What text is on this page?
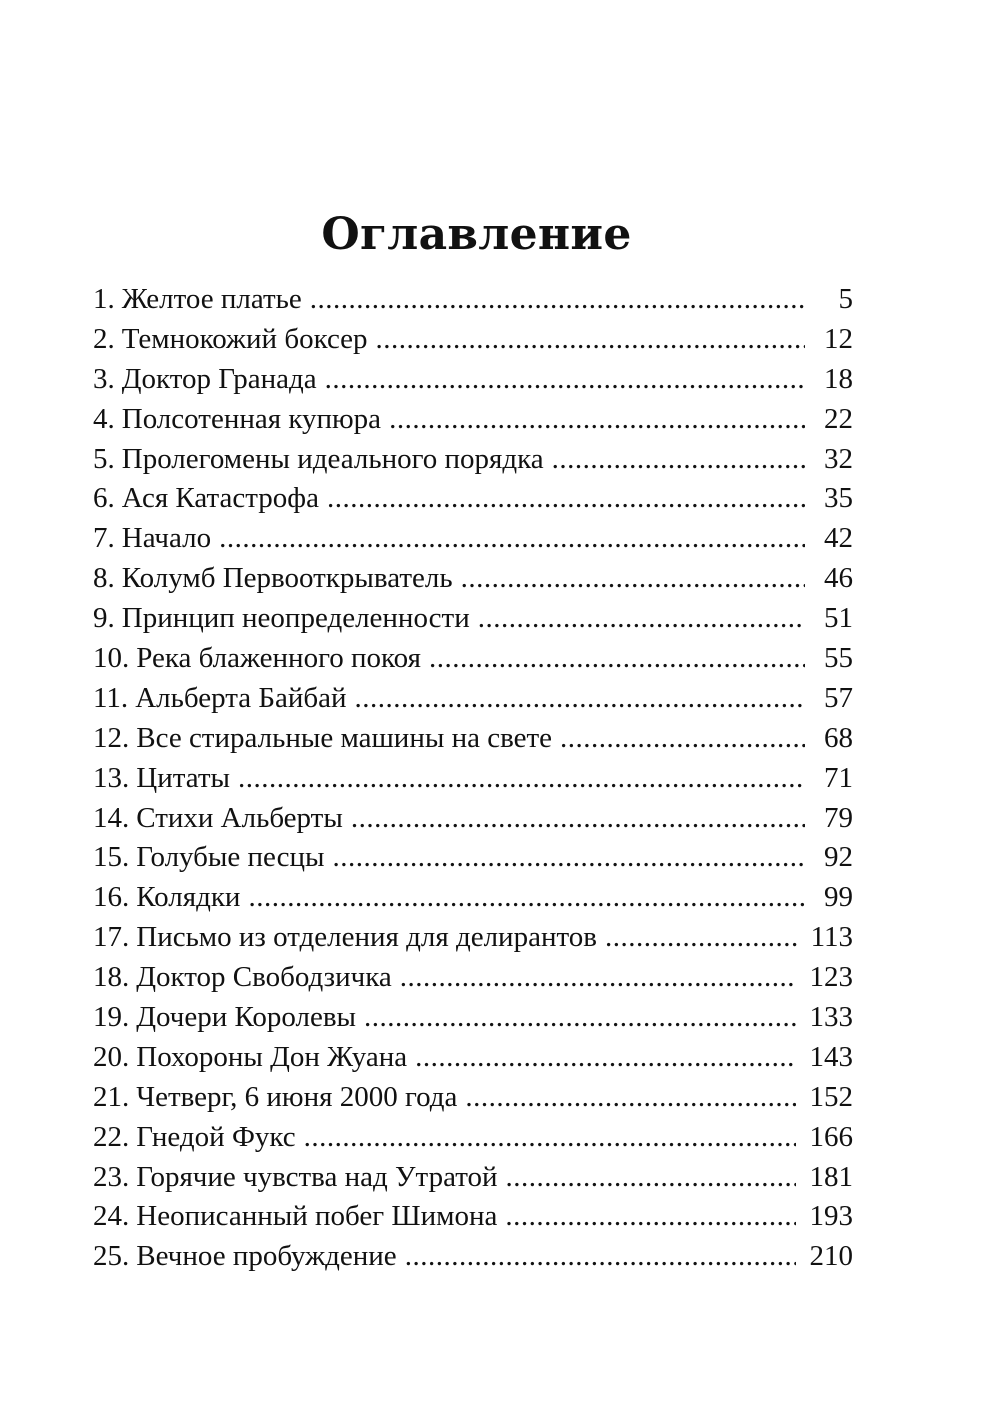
Оглавление
1. Желтое платье .....	5
2. Темнокожий боксер .....	12
3. Доктор Гранада .....	18
4. Полсотенная купюра .....	22
5. Пролегомены идеального порядка .....	32
6. Ася Катастрофа .....	35
7. Начало .....	42
8. Колумб Первооткрыватель .....	46
9. Принцип неопределенности .....	51
10. Река блаженного покоя .....	55
11. Альберта Байбай .....	57
12. Все стиральные машины на свете .....	68
13. Цитаты .....	71
14. Стихи Альберты .....	79
15. Голубые песцы .....	92
16. Колядки .....	99
17. Письмо из отделения для делирантов .....	113
18. Доктор Свободзичка .....	123
19. Дочери Королевы .....	133
20. Похороны Дон Жуана .....	143
21. Четверг, 6 июня 2000 года .....	152
22. Гнедой Фукс .....	166
23. Горячие чувства над Утратой .....	181
24. Неописанный побег Шимона .....	193
25. Вечное пробуждение .....	210
